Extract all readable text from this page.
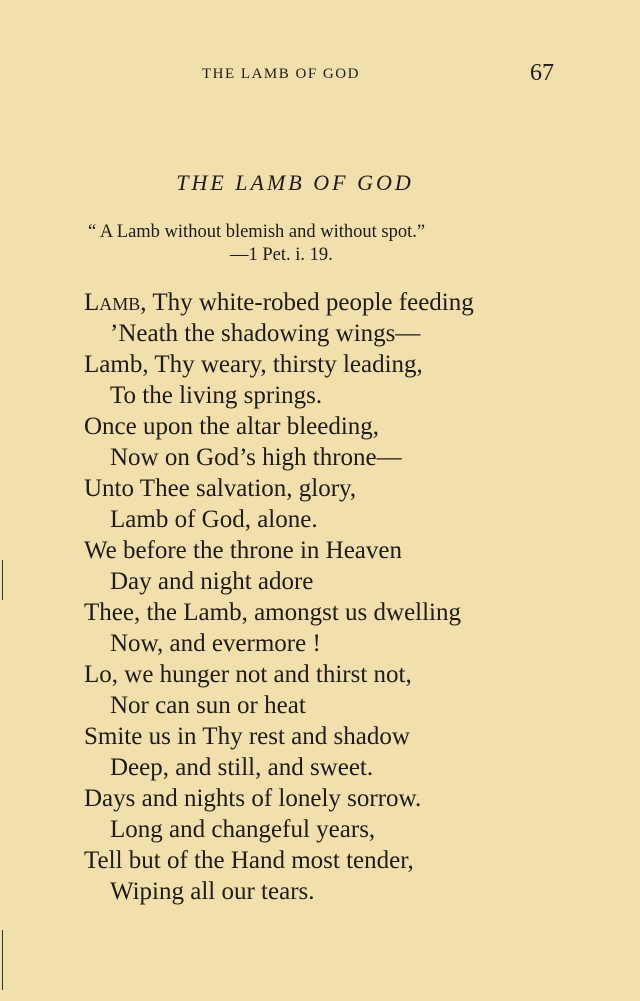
THE LAMB OF GOD	67
THE LAMB OF GOD
“ A Lamb without blemish and without spot.”
—1 Pet. i. 19.
Lamb, Thy white-robed people feeding
’Neath the shadowing wings—
Lamb, Thy weary, thirsty leading,
To the living springs.
Once upon the altar bleeding,
Now on God’s high throne—
Unto Thee salvation, glory,
Lamb of God, alone.
We before the throne in Heaven
Day and night adore
Thee, the Lamb, amongst us dwelling
Now, and evermore !
Lo, we hunger not and thirst not,
Nor can sun or heat
Smite us in Thy rest and shadow
Deep, and still, and sweet.
Days and nights of lonely sorrow.
Long and changeful years,
Tell but of the Hand most tender,
Wiping all our tears.
